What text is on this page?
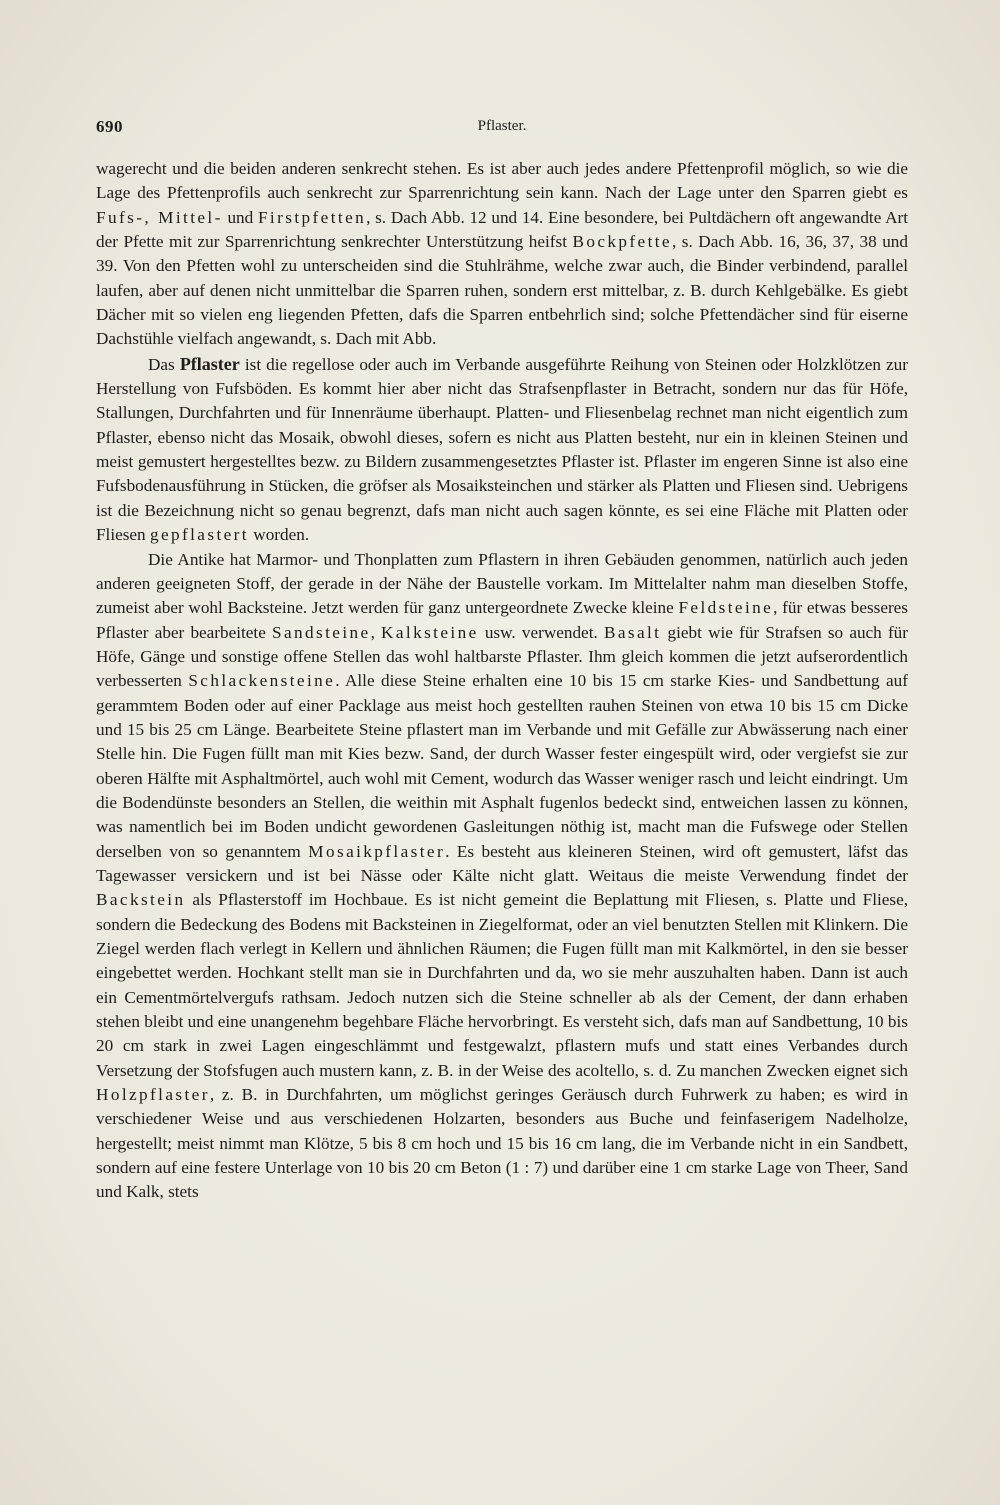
690	Pflaster.

wagerecht und die beiden anderen senkrecht stehen. Es ist aber auch jedes andere Pfettenprofil möglich, so wie die Lage des Pfettenprofils auch senkrecht zur Sparrenrichtung sein kann. Nach der Lage unter den Sparren giebt es Fufs-, Mittel- und Firstpfetten, s. Dach Abb. 12 und 14. Eine besondere, bei Pultdächern oft angewandte Art der Pfette mit zur Sparrenrichtung senkrechter Unterstützung heifst Bockpfette, s. Dach Abb. 16, 36, 37, 38 und 39. Von den Pfetten wohl zu unterscheiden sind die Stuhlrähme, welche zwar auch, die Binder verbindend, parallel laufen, aber auf denen nicht unmittelbar die Sparren ruhen, sondern erst mittelbar, z. B. durch Kehlgebälke. Es giebt Dächer mit so vielen eng liegenden Pfetten, dafs die Sparren entbehrlich sind; solche Pfettendächer sind für eiserne Dachstühle vielfach angewandt, s. Dach mit Abb.

Das Pflaster ist die regellose oder auch im Verbande ausgeführte Reihung von Steinen oder Holzklötzen zur Herstellung von Fufsböden. Es kommt hier aber nicht das Strafsenpflaster in Betracht, sondern nur das für Höfe, Stallungen, Durchfahrten und für Innenräume überhaupt. Platten- und Fliesenbelag rechnet man nicht eigentlich zum Pflaster, ebenso nicht das Mosaik, obwohl dieses, sofern es nicht aus Platten besteht, nur ein in kleinen Steinen und meist gemustert hergestelltes bezw. zu Bildern zusammengesetztes Pflaster ist. Pflaster im engeren Sinne ist also eine Fufsbodenausführung in Stücken, die gröfser als Mosaiksteinchen und stärker als Platten und Fliesen sind. Uebrigens ist die Bezeichnung nicht so genau begrenzt, dafs man nicht auch sagen könnte, es sei eine Fläche mit Platten oder Fliesen gepflastert worden.

Die Antike hat Marmor- und Thonplatten zum Pflastern in ihren Gebäuden genommen, natürlich auch jeden anderen geeigneten Stoff, der gerade in der Nähe der Baustelle vorkam. Im Mittelalter nahm man dieselben Stoffe, zumeist aber wohl Backsteine. Jetzt werden für ganz untergeordnete Zwecke kleine Feldsteine, für etwas besseres Pflaster aber bearbeitete Sandsteine, Kalksteine usw. verwendet. Basalt giebt wie für Strafsen so auch für Höfe, Gänge und sonstige offene Stellen das wohl haltbarste Pflaster. Ihm gleich kommen die jetzt aufserordentlich verbesserten Schlackensteine. Alle diese Steine erhalten eine 10 bis 15 cm starke Kies- und Sandbettung auf gerammtem Boden oder auf einer Packlage aus meist hoch gestellten rauhen Steinen von etwa 10 bis 15 cm Dicke und 15 bis 25 cm Länge. Bearbeitete Steine pflastert man im Verbande und mit Gefälle zur Abwässerung nach einer Stelle hin. Die Fugen füllt man mit Kies bezw. Sand, der durch Wasser fester eingespült wird, oder vergiefst sie zur oberen Hälfte mit Asphaltmörtel, auch wohl mit Cement, wodurch das Wasser weniger rasch und leicht eindringt. Um die Bodendünste besonders an Stellen, die weithin mit Asphalt fugenlos bedeckt sind, entweichen lassen zu können, was namentlich bei im Boden undicht gewordenen Gasleitungen nöthig ist, macht man die Fufswege oder Stellen derselben von so genanntem Mosaikpflaster. Es besteht aus kleineren Steinen, wird oft gemustert, läfst das Tagewasser versickern und ist bei Nässe oder Kälte nicht glatt. Weitaus die meiste Verwendung findet der Backstein als Pflasterstoff im Hochbaue. Es ist nicht gemeint die Beplattung mit Fliesen, s. Platte und Fliese, sondern die Bedeckung des Bodens mit Backsteinen in Ziegelformat, oder an viel benutzten Stellen mit Klinkern. Die Ziegel werden flach verlegt in Kellern und ähnlichen Räumen; die Fugen füllt man mit Kalkmörtel, in den sie besser eingebettet werden. Hochkant stellt man sie in Durchfahrten und da, wo sie mehr auszuhalten haben. Dann ist auch ein Cementmörtelvergufs rathsam. Jedoch nutzen sich die Steine schneller ab als der Cement, der dann erhaben stehen bleibt und eine unangenehm begehbare Fläche hervorbringt. Es versteht sich, dafs man auf Sandbettung, 10 bis 20 cm stark in zwei Lagen eingeschlämmt und festgewalzt, pflastern mufs und statt eines Verbandes durch Versetzung der Stofsfugen auch mustern kann, z. B. in der Weise des acoltello, s. d. Zu manchen Zwecken eignet sich Holzpflaster, z. B. in Durchfahrten, um möglichst geringes Geräusch durch Fuhrwerk zu haben; es wird in verschiedener Weise und aus verschiedenen Holzarten, besonders aus Buche und feinfaserigem Nadelholze, hergestellt; meist nimmt man Klötze, 5 bis 8 cm hoch und 15 bis 16 cm lang, die im Verbande nicht in ein Sandbett, sondern auf eine festere Unterlage von 10 bis 20 cm Beton (1 : 7) und darüber eine 1 cm starke Lage von Theer, Sand und Kalk, stets
